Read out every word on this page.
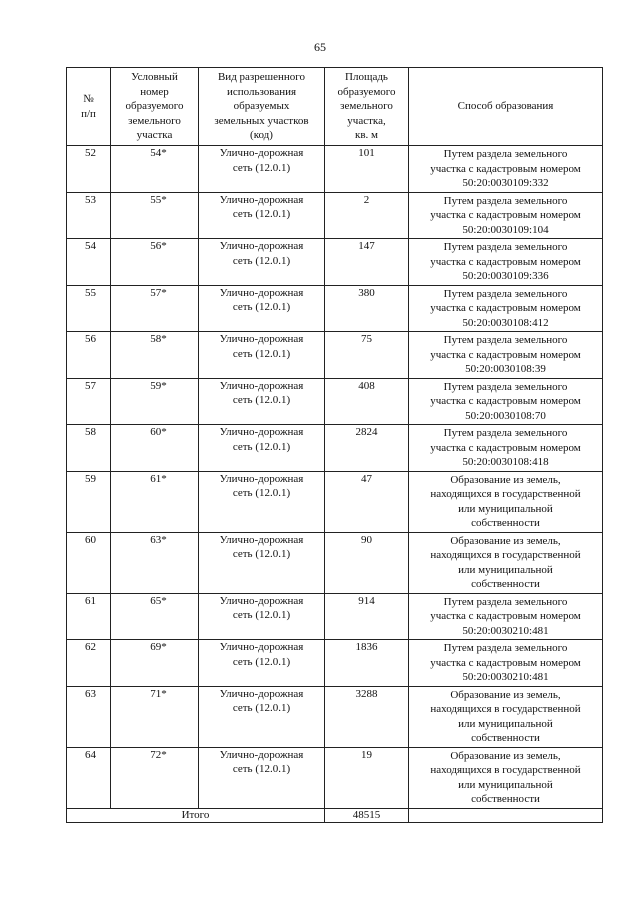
65
№
п/п	Условный
номер
образуемого
земельного
участка	Вид разрешенного
использования
образуемых
земельных участков
(код)	Площадь
образуемого
земельного
участка,
кв. м	Способ образования

52	54*	Улично-дорожная
сеть (12.0.1)	101	Путем раздела земельного
участка с кадастровым номером
50:20:0030109:332

53	55*	Улично-дорожная
сеть (12.0.1)	2	Путем раздела земельного
участка с кадастровым номером
50:20:0030109:104

54	56*	Улично-дорожная
сеть (12.0.1)	147	Путем раздела земельного
участка с кадастровым номером
50:20:0030109:336

55	57*	Улично-дорожная
сеть (12.0.1)	380	Путем раздела земельного
участка с кадастровым номером
50:20:0030108:412

56	58*	Улично-дорожная
сеть (12.0.1)	75	Путем раздела земельного
участка с кадастровым номером
50:20:0030108:39

57	59*	Улично-дорожная
сеть (12.0.1)	408	Путем раздела земельного
участка с кадастровым номером
50:20:0030108:70

58	60*	Улично-дорожная
сеть (12.0.1)	2824	Путем раздела земельного
участка с кадастровым номером
50:20:0030108:418

59	61*	Улично-дорожная
сеть (12.0.1)	47	Образование из земель,
находящихся в государственной
или муниципальной
собственности

60	63*	Улично-дорожная
сеть (12.0.1)	90	Образование из земель,
находящихся в государственной
или муниципальной
собственности

61	65*	Улично-дорожная
сеть (12.0.1)	914	Путем раздела земельного
участка с кадастровым номером
50:20:0030210:481

62	69*	Улично-дорожная
сеть (12.0.1)	1836	Путем раздела земельного
участка с кадастровым номером
50:20:0030210:481

63	71*	Улично-дорожная
сеть (12.0.1)	3288	Образование из земель,
находящихся в государственной
или муниципальной
собственности

64	72*	Улично-дорожная
сеть (12.0.1)	19	Образование из земель,
находящихся в государственной
или муниципальной
собственности

Итого			48515	
